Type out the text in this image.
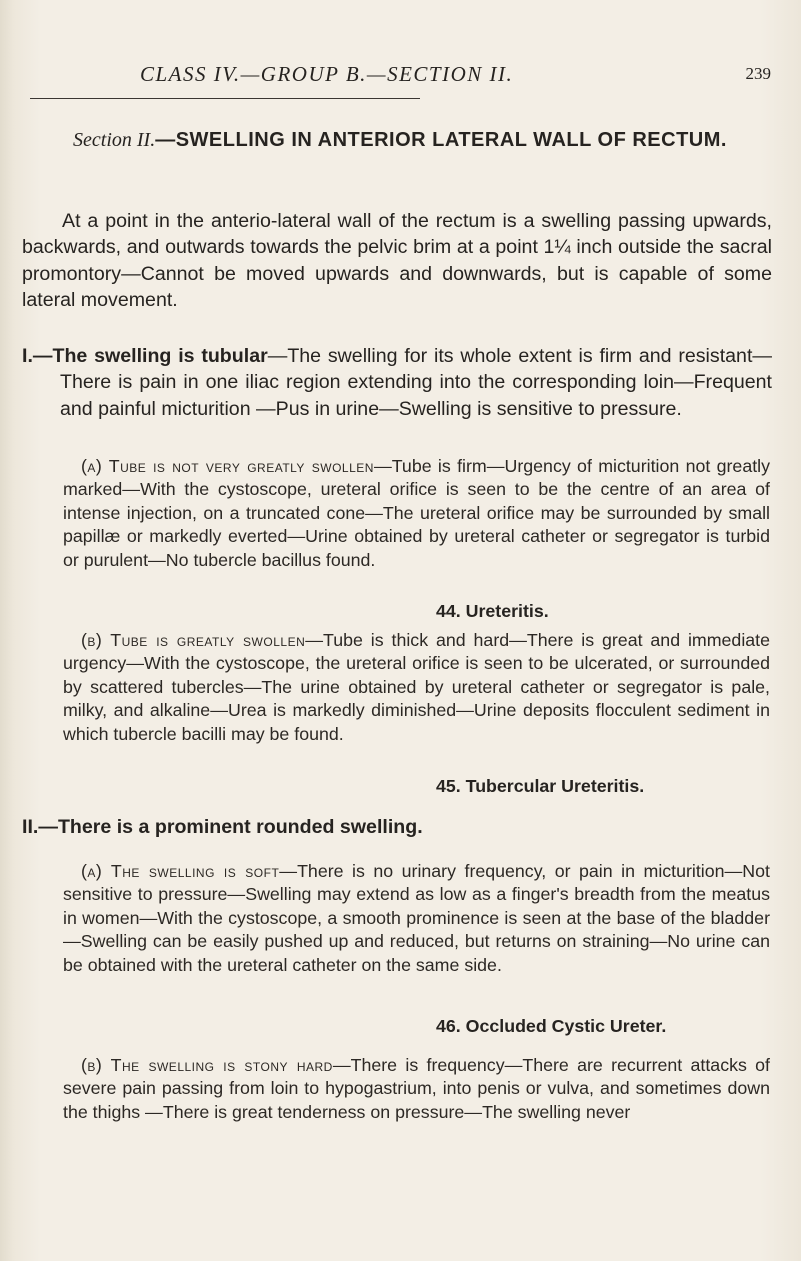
CLASS IV.—GROUP B.—SECTION II.	239
Section II.—SWELLING IN ANTERIOR LATERAL WALL OF RECTUM.

At a point in the anterio-lateral wall of the rectum is a swelling passing upwards, backwards, and outwards towards the pelvic brim at a point 1¼ inch outside the sacral promontory—Cannot be moved upwards and downwards, but is capable of some lateral movement.

I.—The swelling is tubular—The swelling for its whole extent is firm and resistant—There is pain in one iliac region extending into the corresponding loin—Frequent and painful micturition —Pus in urine—Swelling is sensitive to pressure.

(a) Tube is not very greatly swollen—Tube is firm—Urgency of micturition not greatly marked—With the cystoscope, ureteral orifice is seen to be the centre of an area of intense injection, on a truncated cone—The ureteral orifice may be surrounded by small papillæ or markedly everted—Urine obtained by ureteral catheter or segregator is turbid or purulent—No tubercle bacillus found.

44. Ureteritis.

(b) Tube is greatly swollen—Tube is thick and hard—There is great and immediate urgency—With the cystoscope, the ureteral orifice is seen to be ulcerated, or surrounded by scattered tubercles—The urine obtained by ureteral catheter or segregator is pale, milky, and alkaline—Urea is markedly diminished—Urine deposits flocculent sediment in which tubercle bacilli may be found.

45. Tubercular Ureteritis.

II.—There is a prominent rounded swelling.

(a) The swelling is soft—There is no urinary frequency, or pain in micturition—Not sensitive to pressure—Swelling may extend as low as a finger's breadth from the meatus in women—With the cystoscope, a smooth prominence is seen at the base of the bladder—Swelling can be easily pushed up and reduced, but returns on straining—No urine can be obtained with the ureteral catheter on the same side.

46. Occluded Cystic Ureter.

(b) The swelling is stony hard—There is frequency—There are recurrent attacks of severe pain passing from loin to hypogastrium, into penis or vulva, and sometimes down the thighs —There is great tenderness on pressure—The swelling never
